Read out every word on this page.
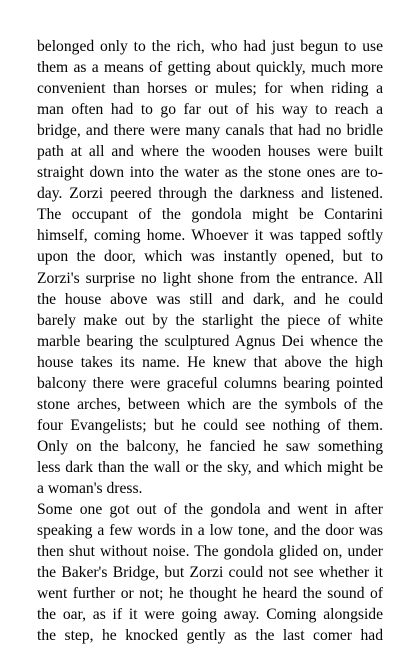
belonged only to the rich, who had just begun to use
them as a means of getting about quickly, much more
convenient than horses or mules; for when riding a
man often had to go far out of his way to reach a
bridge, and there were many canals that had no bridle
path at all and where the wooden houses were built
straight down into the water as the stone ones are to-
day. Zorzi peered through the darkness and listened.
The occupant of the gondola might be Contarini
himself, coming home. Whoever it was tapped softly
upon the door, which was instantly opened, but to
Zorzi's surprise no light shone from the entrance. All
the house above was still and dark, and he could
barely make out by the starlight the piece of white
marble bearing the sculptured Agnus Dei whence the
house takes its name. He knew that above the high
balcony there were graceful columns bearing pointed
stone arches, between which are the symbols of the
four Evangelists; but he could see nothing of them.
Only on the balcony, he fancied he saw something
less dark than the wall or the sky, and which might be
a woman's dress.
Some one got out of the gondola and went in after
speaking a few words in a low tone, and the door was
then shut without noise. The gondola glided on, under
the Baker's Bridge, but Zorzi could not see whether it
went further or not; he thought he heard the sound of
the oar, as if it were going away. Coming alongside
the step, he knocked gently as the last comer had
